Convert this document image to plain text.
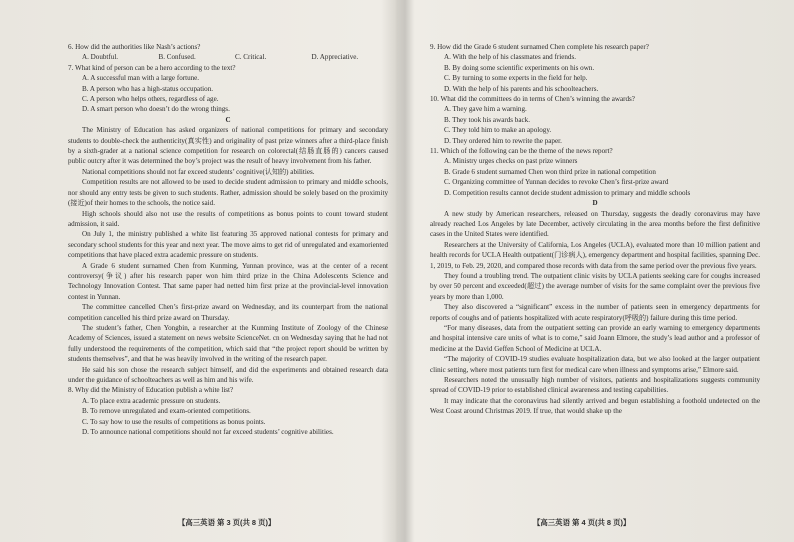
6. How did the authorities like Nash’s actions?

A. Doubtful.	B. Confused.	C. Critical.	D. Appreciative.

7. What kind of person can be a hero according to the text?

A. A successful man with a large fortune.

B. A person who has a high-status occupation.

C. A person who helps others, regardless of age.

D. A smart person who doesn’t do the wrong things.

C

The Ministry of Education has asked organizers of national competitions for primary and secondary students to double-check the authenticity(真实性) and originality of past prize winners after a third-place finish by a sixth-grader at a national science competition for research on colorectal(结肠直肠的) cancers caused public outcry after it was determined the boy’s project was the result of heavy involvement from his father.

National competitions should not far exceed students’ cognitive(认知的) abilities.

Competition results are not allowed to be used to decide student admission to primary and middle schools, nor should any entry tests be given to such students. Rather, admission should be solely based on the proximity (接近)of their homes to the schools, the notice said.

High schools should also not use the results of competitions as bonus points to count toward student admission, it said.

On July 1, the ministry published a white list featuring 35 approved national contests for primary and secondary school students for this year and next year. The move aims to get rid of unregulated and examoriented competitions that have placed extra academic pressure on students.

A Grade 6 student surnamed Chen from Kunming, Yunnan province, was at the center of a recent controversy(争议) after his research paper won him third prize in the China Adolescents Science and Technology Innovation Contest. That same paper had netted him first prize at the provincial-level innovation contest in Yunnan.

The committee cancelled Chen’s first-prize award on Wednesday, and its counterpart from the national competition cancelled his third prize award on Thursday.

The student’s father, Chen Yongbin, a researcher at the Kunming Institute of Zoology of the Chinese Academy of Sciences, issued a statement on news website ScienceNet. cn on Wednesday saying that he had not fully understood the requirements of the competition, which said that “the project report should be written by students themselves”, and that he was heavily involved in the writing of the research paper.

He said his son chose the research subject himself, and did the experiments and obtained research data under the guidance of schoolteachers as well as him and his wife.

8. Why did the Ministry of Education publish a white list?

A. To place extra academic pressure on students.

B. To remove unregulated and exam-oriented competitions.

C. To say how to use the results of competitions as bonus points.

D. To announce national competitions should not far exceed students’ cognitive abilities.

【高三英语 第 3 页(共 8 页)】

9. How did the Grade 6 student surnamed Chen complete his research paper?

A. With the help of his classmates and friends.

B. By doing some scientific experiments on his own.

C. By turning to some experts in the field for help.

D. With the help of his parents and his schoolteachers.

10. What did the committees do in terms of Chen’s winning the awards?

A. They gave him a warning.

B. They took his awards back.

C. They told him to make an apology.

D. They ordered him to rewrite the paper.

11. Which of the following can be the theme of the news report?

A. Ministry urges checks on past prize winners

B. Grade 6 student surnamed Chen won third prize in national competition

C. Organizing committee of Yunnan decides to revoke Chen’s first-prize award

D. Competition results cannot decide student admission to primary and middle schools

D

A new study by American researchers, released on Thursday, suggests the deadly coronavirus may have already reached Los Angeles by late December, actively circulating in the area months before the first definitive cases in the United States were identified.

Researchers at the University of California, Los Angeles (UCLA), evaluated more than 10 million patient and health records for UCLA Health outpatient(门诊病人), emergency department and hospital facilities, spanning Dec. 1, 2019, to Feb. 29, 2020, and compared those records with data from the same period over the previous five years.

They found a troubling trend. The outpatient clinic visits by UCLA patients seeking care for coughs increased by over 50 percent and exceeded(超过) the average number of visits for the same complaint over the previous five years by more than 1,000.

They also discovered a “significant” excess in the number of patients seen in emergency departments for reports of coughs and of patients hospitalized with acute respiratory(呼吸的) failure during this time period.

“For many diseases, data from the outpatient setting can provide an early warning to emergency departments and hospital intensive care units of what is to come,” said Joann Elmore, the study’s lead author and a professor of medicine at the David Geffen School of Medicine at UCLA.

“The majority of COVID-19 studies evaluate hospitalization data, but we also looked at the larger outpatient clinic setting, where most patients turn first for medical care when illness and symptoms arise,” Elmore said.

Researchers noted the unusually high number of visitors, patients and hospitalizations suggests community spread of COVID-19 prior to established clinical awareness and testing capabilities.

It may indicate that the coronavirus had silently arrived and begun establishing a foothold undetected on the West Coast around Christmas 2019. If true, that would shake up the

【高三英语 第 4 页(共 8 页)】
